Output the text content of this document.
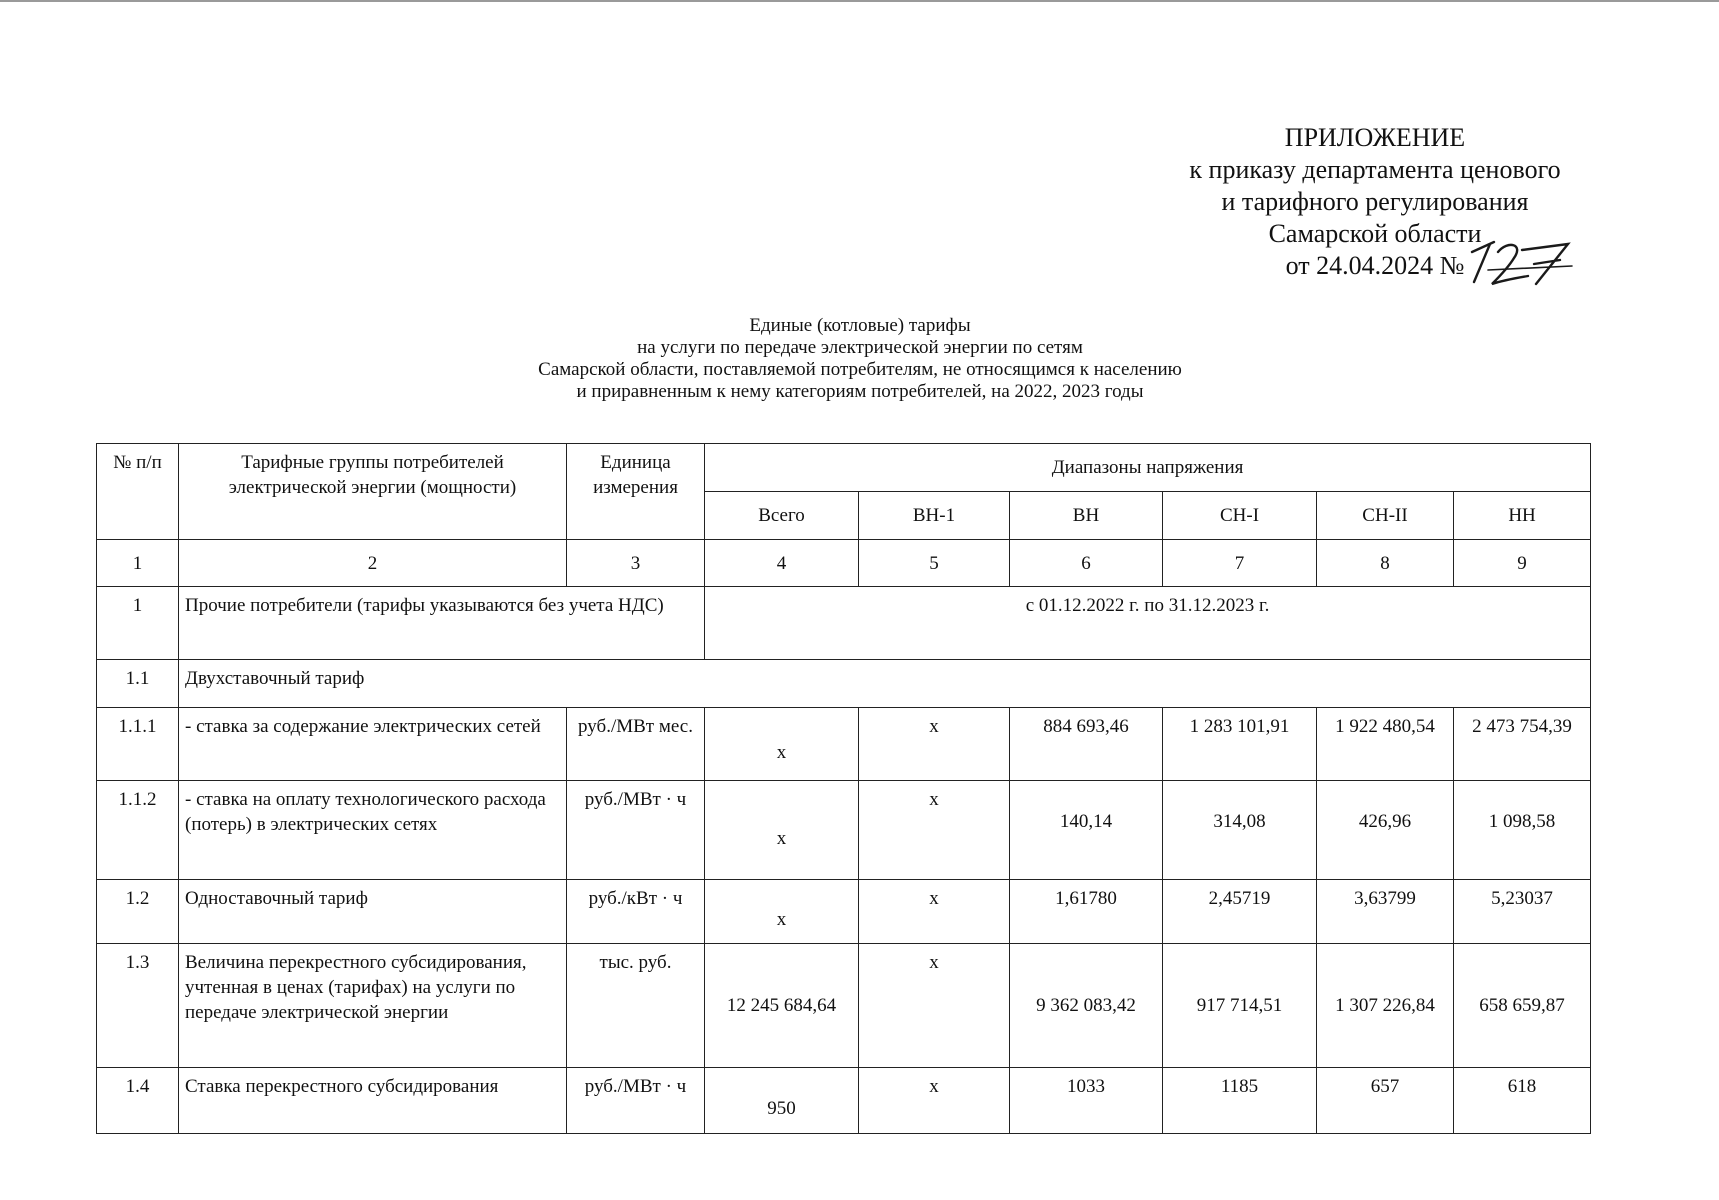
ПРИЛОЖЕНИЕ
к приказу департамента ценового
и тарифного регулирования
Самарской области
от 24.04.2024 №
Единые (котловые) тарифы
на услуги по передаче электрической энергии по сетям
Самарской области, поставляемой потребителям, не относящимся к населению
и приравненным к нему категориям потребителей, на 2022, 2023 годы
№ п/п	Тарифные группы потребителей электрической энергии (мощности)	Единица измерения	Диапазоны напряжения					
			Всего	ВН-1	ВН	СН-I	СН-II	НН
1	2	3	4	5	6	7	8	9
1	Прочие потребители (тарифы указываются без учета НДС)		с 01.12.2022 г. по 31.12.2023 г.					
1.1	Двухставочный тариф							
1.1.1	- ставка за содержание электрических сетей	руб./МВт мес.	x	x	884 693,46	1 283 101,91	1 922 480,54	2 473 754,39
1.1.2	- ставка на оплату технологического расхода (потерь) в электрических сетях	руб./МВт · ч	x	x	140,14	314,08	426,96	1 098,58
1.2	Одноставочный тариф	руб./кВт · ч	x	x	1,61780	2,45719	3,63799	5,23037
1.3	Величина перекрестного субсидирования, учтенная в ценах (тарифах) на услуги по передаче электрической энергии	тыс. руб.	12 245 684,64	x	9 362 083,42	917 714,51	1 307 226,84	658 659,87
1.4	Ставка перекрестного субсидирования	руб./МВт · ч	950	x	1033	1185	657	618
